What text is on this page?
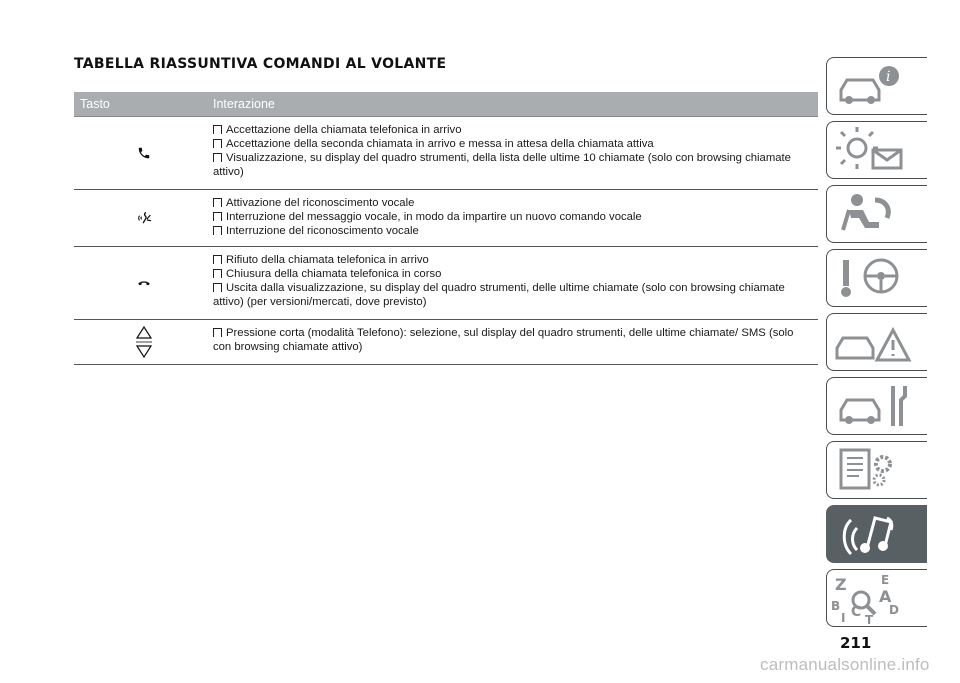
TABELLA RIASSUNTIVA COMANDI AL VOLANTE
Tasto	Interazione
Accettazione della chiamata telefonica in arrivo
Accettazione della seconda chiamata in arrivo e messa in attesa della chiamata attiva
Visualizzazione, su display del quadro strumenti, della lista delle ultime 10 chiamate (solo con browsing chiamate attivo)
Attivazione del riconoscimento vocale
Interruzione del messaggio vocale, in modo da impartire un nuovo comando vocale
Interruzione del riconoscimento vocale
Rifiuto della chiamata telefonica in arrivo
Chiusura della chiamata telefonica in corso
Uscita dalla visualizzazione, su display del quadro strumenti, delle ultime chiamate (solo con browsing chiamate attivo) (per versioni/mercati, dove previsto)
Pressione corta (modalità Telefono): selezione, sul display del quadro strumenti, delle ultime chiamate/ SMS (solo con browsing chiamate attivo)
i
Z	E
A
B C D
I T
211
carmanualsonline.info
